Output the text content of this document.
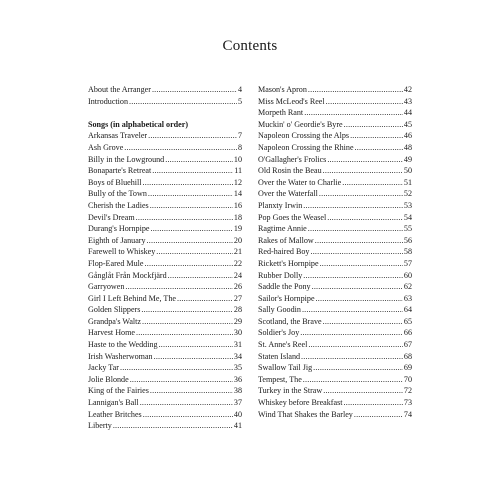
Contents
About the Arranger .....	4
Introduction .....	5
Songs (in alphabetical order)
Arkansas Traveler .....	7
Ash Grove .....	8
Billy in the Lowground .....	10
Bonaparte's Retreat .....	11
Boys of Bluehill .....	12
Bully of the Town .....	14
Cherish the Ladies .....	16
Devil's Dream .....	18
Durang's Hornpipe .....	19
Eighth of January .....	20
Farewell to Whiskey .....	21
Flop-Eared Mule .....	22
Gånglåt Från Mockfjärd .....	24
Garryowen .....	26
Girl I Left Behind Me, The .....	27
Golden Slippers .....	28
Grandpa's Waltz .....	29
Harvest Home .....	30
Haste to the Wedding .....	31
Irish Washerwoman .....	34
Jacky Tar .....	35
Jolie Blonde .....	36
King of the Fairies .....	38
Lannigan's Ball .....	37
Leather Britches .....	40
Liberty .....	41
Mason's Apron .....	42
Miss McLeod's Reel .....	43
Morpeth Rant .....	44
Muckin' o' Geordie's Byre .....	45
Napoleon Crossing the Alps .....	46
Napoleon Crossing the Rhine .....	48
O'Gallagher's Frolics .....	49
Old Rosin the Beau .....	50
Over the Water to Charlie .....	51
Over the Waterfall .....	52
Planxty Irwin .....	53
Pop Goes the Weasel .....	54
Ragtime Annie .....	55
Rakes of Mallow .....	56
Red-haired Boy .....	58
Rickett's Hornpipe .....	57
Rubber Dolly .....	60
Saddle the Pony .....	62
Sailor's Hornpipe .....	63
Sally Goodin .....	64
Scotland, the Brave .....	65
Soldier's Joy .....	66
St. Anne's Reel .....	67
Staten Island .....	68
Swallow Tail Jig .....	69
Tempest, The .....	70
Turkey in the Straw .....	72
Whiskey before Breakfast .....	73
Wind That Shakes the Barley .....	74
